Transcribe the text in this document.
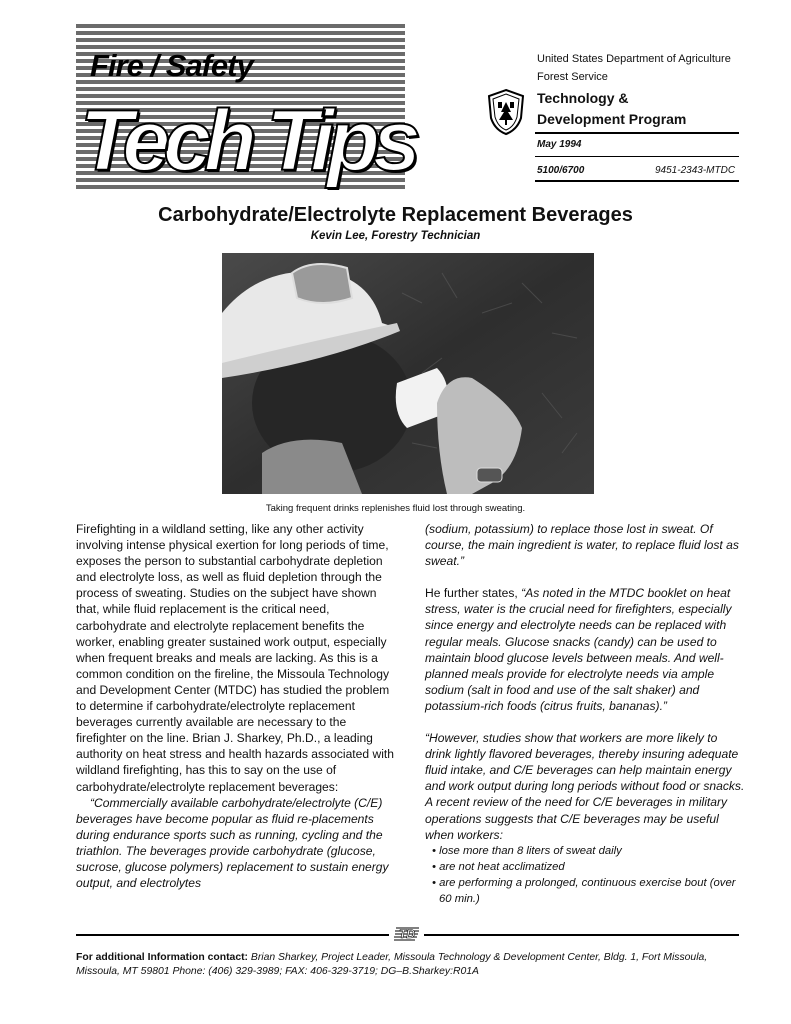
Fire / Safety
Tech Tips
United States Department of Agriculture
Forest Service
Technology &
Development Program
May 1994
5100/6700	9451-2343-MTDC
Carbohydrate/Electrolyte Replacement Beverages
Kevin Lee, Forestry Technician
Taking frequent drinks replenishes fluid lost through sweating.

Firefighting in a wildland setting, like any other activity involving intense physical exertion for long periods of time, exposes the person to substantial carbohydrate depletion and electrolyte loss, as well as fluid depletion through the process of sweating. Studies on the subject have shown that, while fluid replacement is the critical need, carbohydrate and electrolyte replacement benefits the worker, enabling greater sustained work output, especially when frequent breaks and meals are lacking. As this is a common condition on the fireline, the Missoula Technology and Development Center (MTDC) has studied the problem to determine if carbohydrate/electrolyte replacement beverages currently available are necessary to the firefighter on the line. Brian J. Sharkey, Ph.D., a leading authority on heat stress and health hazards associated with wildland firefighting, has this to say on the use of carbohydrate/electrolyte replacement beverages:

“Commercially available carbohydrate/electrolyte (C/E) beverages have become popular as fluid re-placements during endurance sports such as running, cycling and the triathlon. The beverages provide carbohydrate (glucose, sucrose, glucose polymers) replacement to sustain energy output, and electrolytes

(sodium, potassium) to replace those lost in sweat. Of course, the main ingredient is water, to replace fluid lost as sweat.”

He further states, “As noted in the MTDC booklet on heat stress, water is the crucial need for firefighters, especially since energy and electrolyte needs can be replaced with regular meals. Glucose snacks (candy) can be used to maintain blood glucose levels between meals. And well-planned meals provide for electrolyte needs via ample sodium (salt in food and use of the salt shaker) and potassium-rich foods (citrus fruits, bananas).”

“However, studies show that workers are more likely to drink lightly flavored beverages, thereby insuring adequate fluid intake, and C/E beverages can help maintain energy and work output during long periods without food or snacks. A recent review of the need for C/E beverages in military operations suggests that C/E beverages may be useful when workers:

• lose more than 8 liters of sweat daily
• are not heat acclimatized
• are performing a prolonged, continuous exercise bout (over 60 min.)
TD
For additional Information contact: Brian Sharkey, Project Leader, Missoula Technology & Development Center, Bldg. 1, Fort Missoula, Missoula, MT 59801 Phone: (406) 329-3989; FAX: 406-329-3719; DG–B.Sharkey:R01A
